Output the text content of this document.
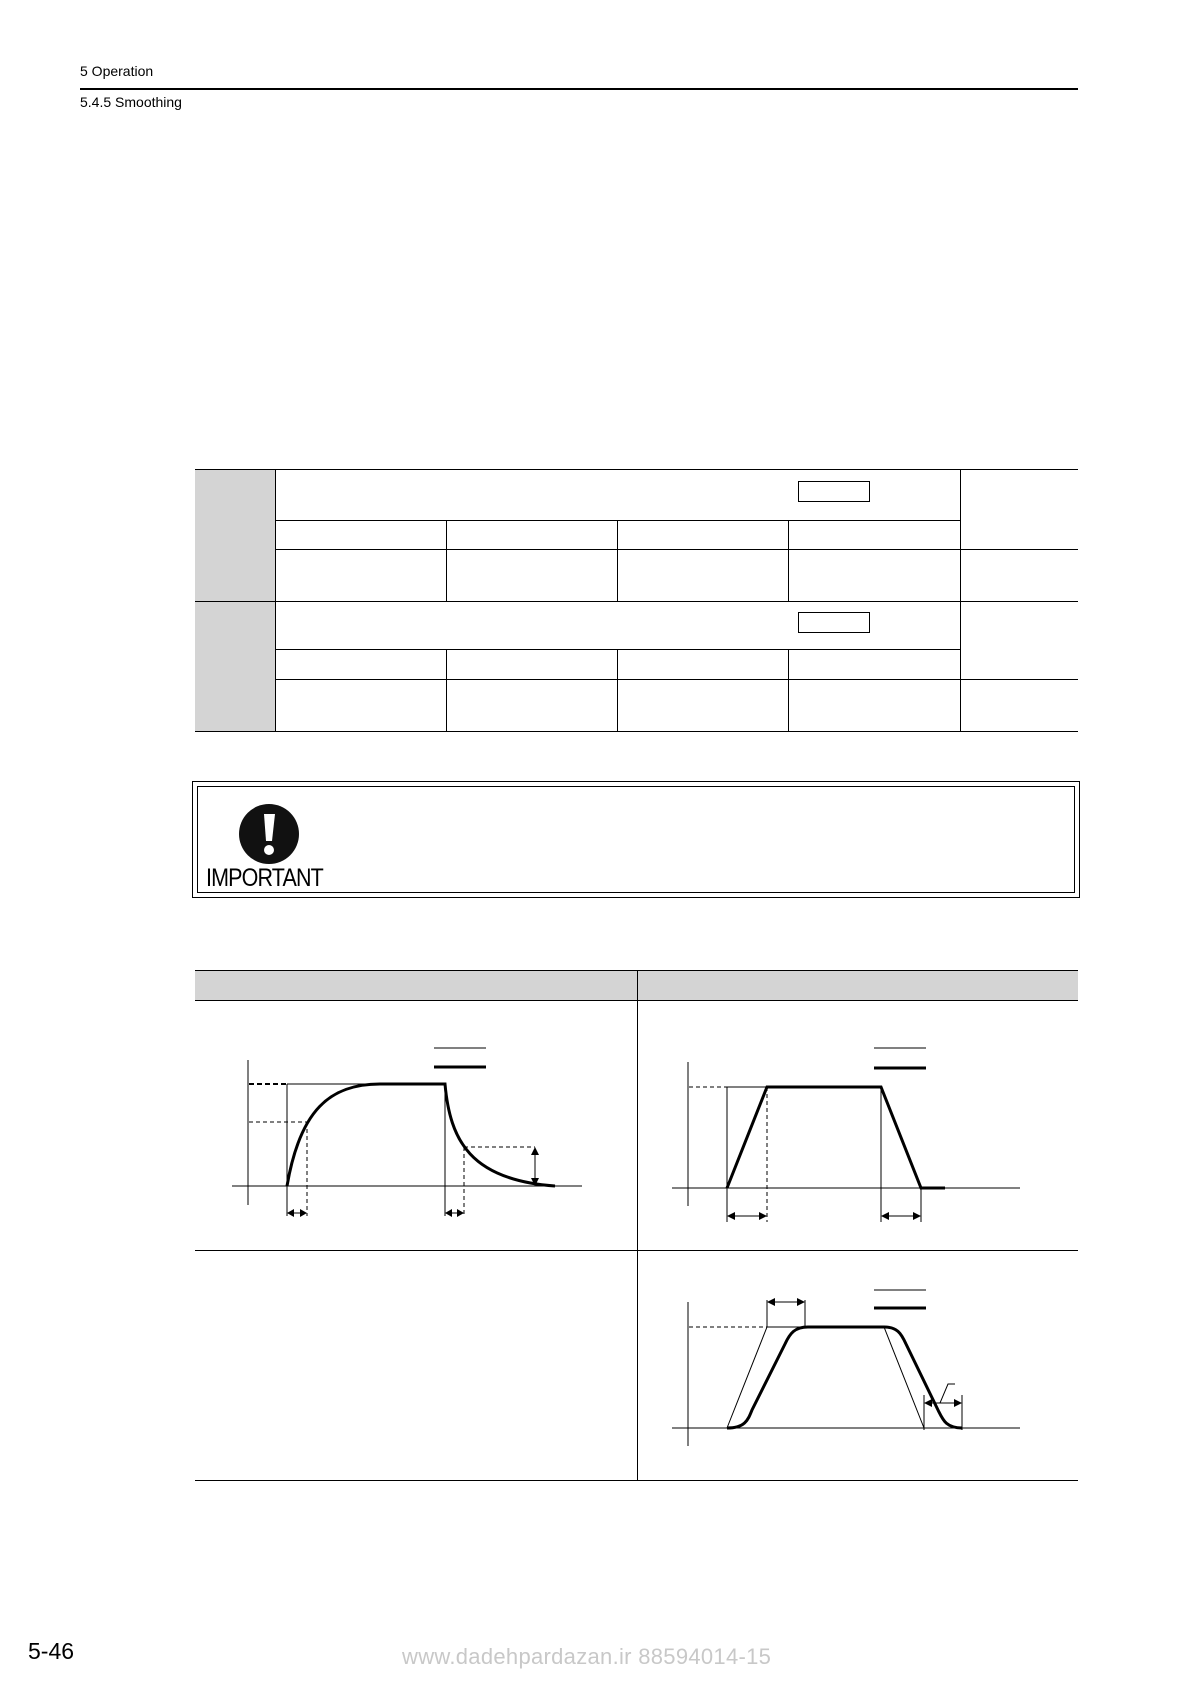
5 Operation
5.4.5 Smoothing
IMPORTANT
5-46	www.dadehpardazan.ir 88594014-15
